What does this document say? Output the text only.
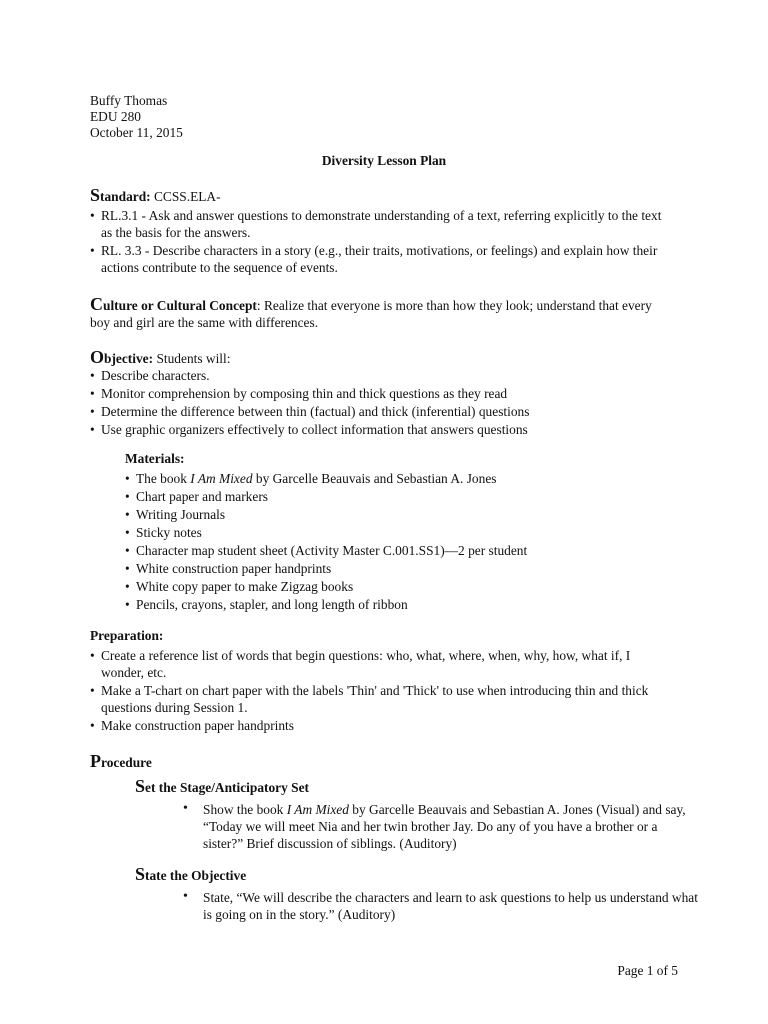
Buffy Thomas
EDU 280
October 11, 2015
Diversity Lesson Plan
Standard: CCSS.ELA-
• RL.3.1 - Ask and answer questions to demonstrate understanding of a text, referring explicitly to the text as the basis for the answers.
• RL. 3.3 - Describe characters in a story (e.g., their traits, motivations, or feelings) and explain how their actions contribute to the sequence of events.
Culture or Cultural Concept: Realize that everyone is more than how they look; understand that every boy and girl are the same with differences.
Objective: Students will:
• Describe characters.
• Monitor comprehension by composing thin and thick questions as they read
• Determine the difference between thin (factual) and thick (inferential) questions
• Use graphic organizers effectively to collect information that answers questions
Materials:
• The book I Am Mixed by Garcelle Beauvais and Sebastian A. Jones
• Chart paper and markers
• Writing Journals
• Sticky notes
• Character map student sheet (Activity Master C.001.SS1)—2 per student
• White construction paper handprints
• White copy paper to make Zigzag books
• Pencils, crayons, stapler, and long length of ribbon
Preparation:
• Create a reference list of words that begin questions: who, what, where, when, why, how, what if, I wonder, etc.
• Make a T-chart on chart paper with the labels 'Thin' and 'Thick' to use when introducing thin and thick questions during Session 1.
• Make construction paper handprints
Procedure
Set the Stage/Anticipatory Set
• Show the book I Am Mixed by Garcelle Beauvais and Sebastian A. Jones (Visual) and say, “Today we will meet Nia and her twin brother Jay. Do any of you have a brother or a sister?” Brief discussion of siblings. (Auditory)
State the Objective
• State, “We will describe the characters and learn to ask questions to help us understand what is going on in the story.” (Auditory)
Page 1 of 5
